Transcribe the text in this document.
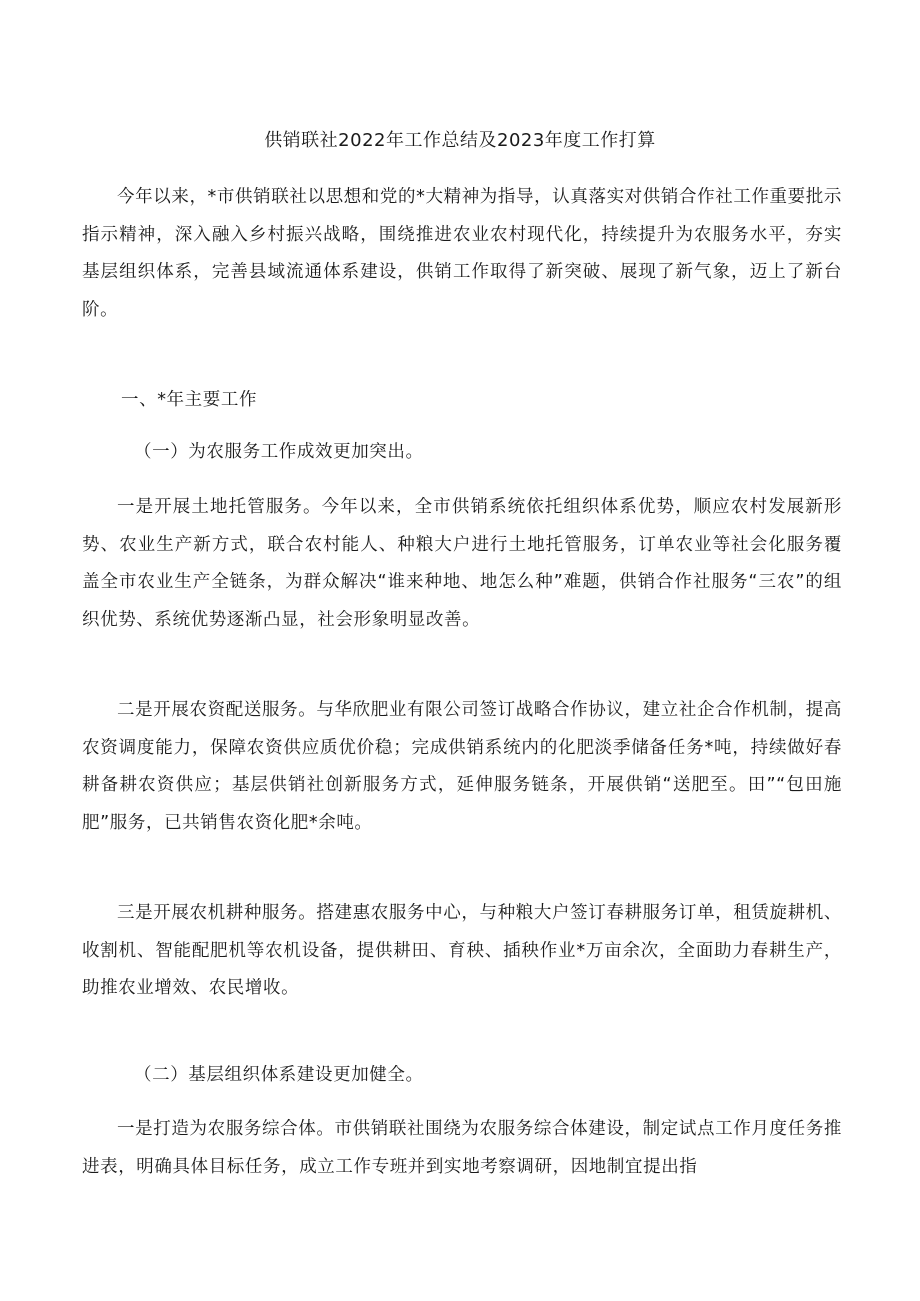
供销联社2022年工作总结及2023年度工作打算

今年以来，*市供销联社以思想和党的*大精神为指导，认真落实对供销合作社工作重要批示指示精神，深入融入乡村振兴战略，围绕推进农业农村现代化，持续提升为农服务水平，夯实基层组织体系，完善县域流通体系建设，供销工作取得了新突破、展现了新气象，迈上了新台阶。

一、*年主要工作

（一）为农服务工作成效更加突出。

一是开展土地托管服务。今年以来，全市供销系统依托组织体系优势，顺应农村发展新形势、农业生产新方式，联合农村能人、种粮大户进行土地托管服务，订单农业等社会化服务覆盖全市农业生产全链条，为群众解决“谁来种地、地怎么种”难题，供销合作社服务“三农”的组织优势、系统优势逐渐凸显，社会形象明显改善。

二是开展农资配送服务。与华欣肥业有限公司签订战略合作协议，建立社企合作机制，提高农资调度能力，保障农资供应质优价稳；完成供销系统内的化肥淡季储备任务*吨，持续做好春耕备耕农资供应；基层供销社创新服务方式，延伸服务链条，开展供销“送肥至。田”“包田施肥”服务，已共销售农资化肥*余吨。

三是开展农机耕种服务。搭建惠农服务中心，与种粮大户签订春耕服务订单，租赁旋耕机、收割机、智能配肥机等农机设备，提供耕田、育秧、插秧作业*万亩余次，全面助力春耕生产，助推农业增效、农民增收。

（二）基层组织体系建设更加健全。

一是打造为农服务综合体。市供销联社围绕为农服务综合体建设，制定试点工作月度任务推进表，明确具体目标任务，成立工作专班并到实地考察调研，因地制宜提出指
